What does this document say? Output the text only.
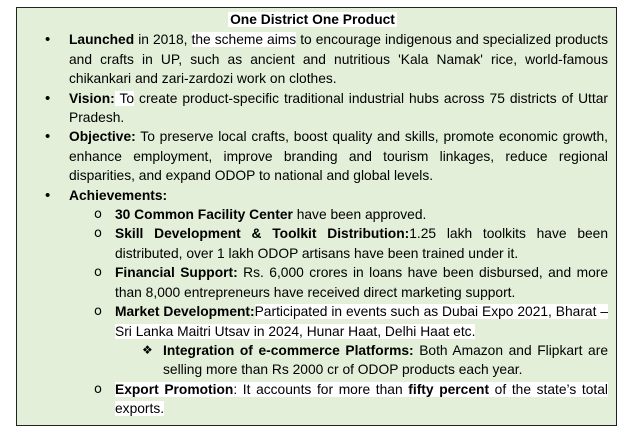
One District One Product
• Launched in 2018, the scheme aims to encourage indigenous and specialized products and crafts in UP, such as ancient and nutritious 'Kala Namak' rice, world-famous chikankari and zari-zardozi work on clothes.
• Vision: To create product-specific traditional industrial hubs across 75 districts of Uttar Pradesh.
• Objective: To preserve local crafts, boost quality and skills, promote economic growth, enhance employment, improve branding and tourism linkages, reduce regional disparities, and expand ODOP to national and global levels.
• Achievements:
o 30 Common Facility Center have been approved.
o Skill Development & Toolkit Distribution:1.25 lakh toolkits have been distributed, over 1 lakh ODOP artisans have been trained under it.
o Financial Support: Rs. 6,000 crores in loans have been disbursed, and more than 8,000 entrepreneurs have received direct marketing support.
o Market Development:Participated in events such as Dubai Expo 2021, Bharat – Sri Lanka Maitri Utsav in 2024, Hunar Haat, Delhi Haat etc.
❖ Integration of e-commerce Platforms: Both Amazon and Flipkart are selling more than Rs 2000 cr of ODOP products each year.
o Export Promotion: It accounts for more than fifty percent of the state’s total exports.
